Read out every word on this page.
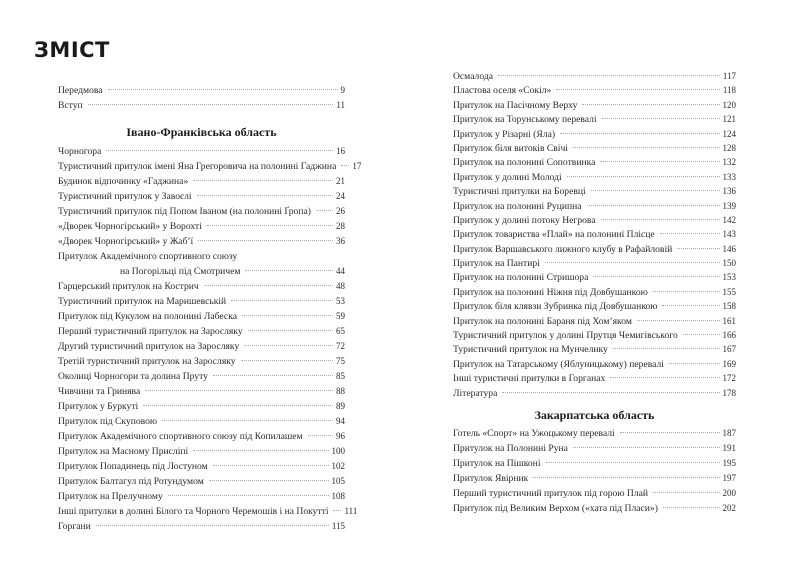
ЗМІСТ
Передмова	9
Вступ	11
Івано-Франківська область
Чорногора	16
Туристичний притулок імені Яна Грегоровича на полонині Гаджина 17
Будинок відпочинку «Гаджина»	21
Туристичний притулок у Завоєлі	24
Туристичний притулок під Попом Іваном (на полонині Ґропа)	26
«Дворек Чорногірський» у Ворохті	28
«Дворек Чорногірський» у Жабʼї	36
Притулок Академічного спортивного союзу
на Погорільці під Смотричем	44
Гарцерський притулок на Кострич	48
Туристичний притулок на Маришевській	53
Притулок під Кукулом на полонині Лабеска	59
Перший туристичний притулок на Заросляку	65
Другий туристичний притулок на Заросляку	72
Третій туристичний притулок на Заросляку	75
Околиці Чорногори та долина Пруту	85
Чивчини та Гринява	88
Притулок у Буркуті	89
Притулок під Скуповою	94
Притулок Академічного спортивного союзу під Копилашем	96
Притулок на Масному Присліпі	100
Притулок Попадинець під Лостуном	102
Притулок Балтагул під Ротундумом	105
Притулок на Прелучному	108
Інші притулки в долині Білого та Чорного Черемошів і на Покутті 111
Горгани	115
Осмалода	117
Пластова оселя «Сокіл»	118
Притулок на Пасічному Верху	120
Притулок на Торунському перевалі	121
Притулок у Різарні (Яла)	124
Притулок біля витоків Свічі	128
Притулок на полонині Сопотвинка	132
Притулок у долині Молоді	133
Туристичні притулки на Боревці	136
Притулок на полонині Руципна	139
Притулок у долині потоку Негрова	142
Притулок товариства «Плай» на полонині Плісце	143
Притулок Варшавського лижного клубу в Рафайловій	146
Притулок на Пантирі	150
Притулок на полонині Стришора	153
Притулок на полонині Ніжня під Довбушанкою	155
Притулок біля клявзи Зубринка під Довбушанкою	158
Притулок на полонині Бараня під Хомʼяком	161
Туристичний притулок у долині Прутця Чемигівського	166
Туристичний притулок на Мунчелику	167
Притулок на Татарському (Яблуницькому) перевалі	169
Інші туристичні притулки в Горганах	172
Література	178
Закарпатська область
Готель «Спорт» на Ужоцькому перевалі	187
Притулок на Полонині Руна	191
Притулок на Пішконі	195
Притулок Явірник	197
Перший туристичний притулок під горою Плай	200
Притулок під Великим Верхом («хата під Пласи»)	202
